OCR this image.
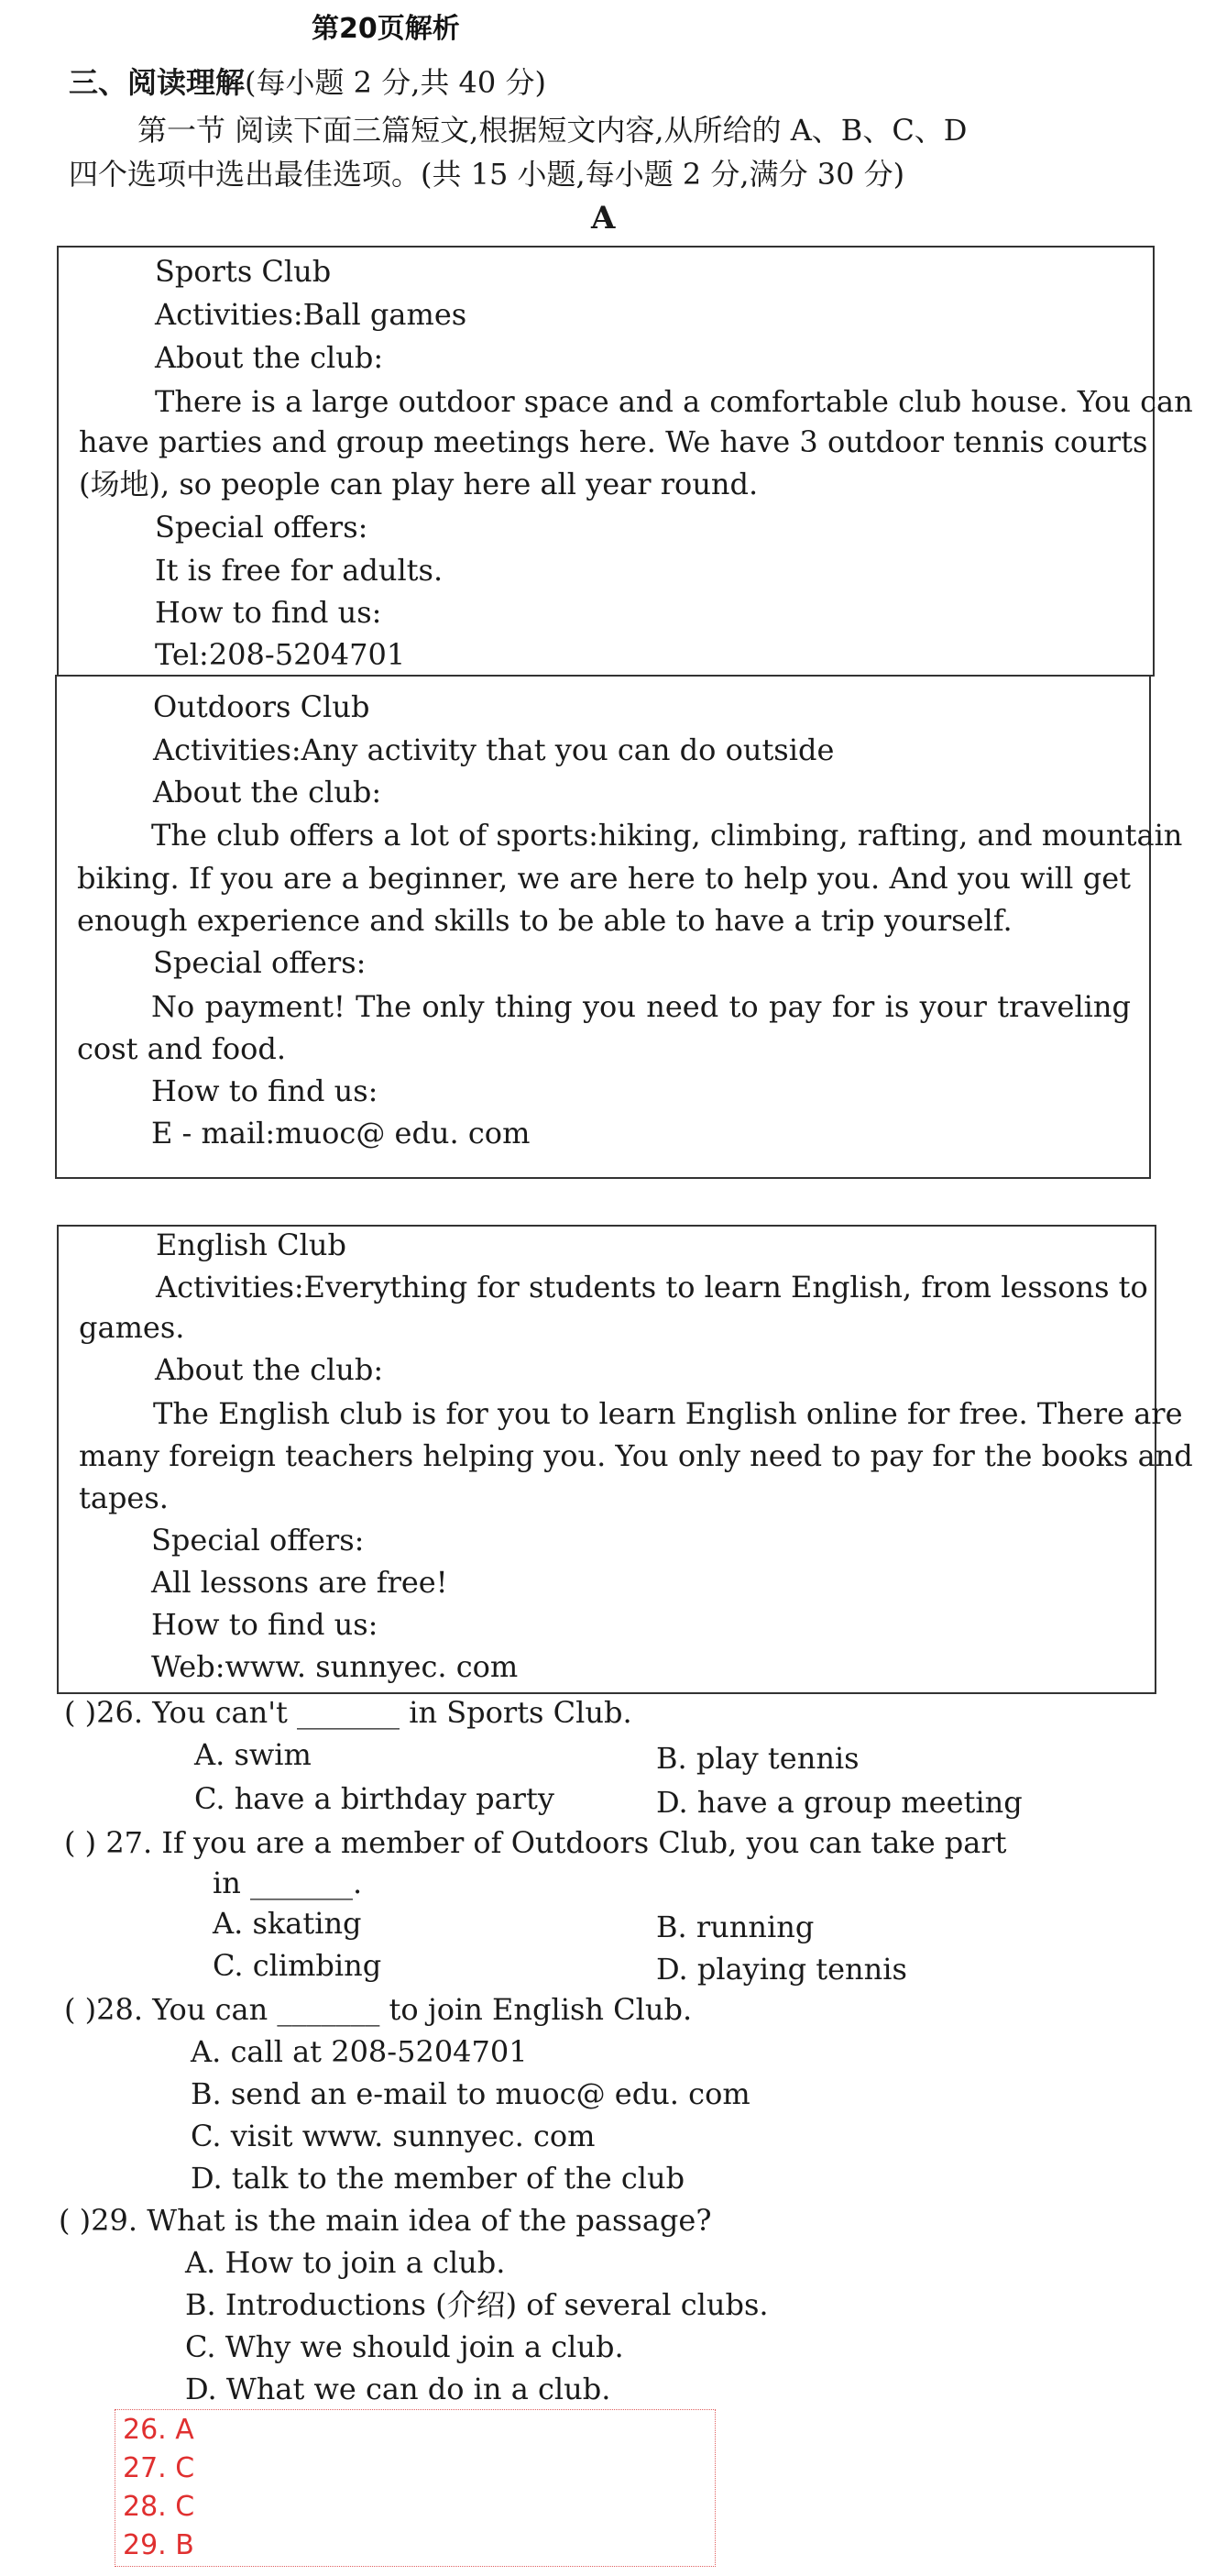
第20页解析
三、阅读理解(每小题 2 分,共 40 分)
第一节 阅读下面三篇短文,根据短文内容,从所给的 A、B、C、D
四个选项中选出最佳选项。(共 15 小题,每小题 2 分,满分 30 分)
A
Sports Club
Activities:Ball games
About the club:
There is a large outdoor space and a comfortable club house. You can
have parties and group meetings here. We have 3 outdoor tennis courts
(场地), so people can play here all year round.
Special offers:
It is free for adults.
How to find us:
Tel:208-5204701
Outdoors Club
Activities:Any activity that you can do outside
About the club:
The club offers a lot of sports:hiking, climbing, rafting, and mountain
biking. If you are a beginner, we are here to help you. And you will get
enough experience and skills to be able to have a trip yourself.
Special offers:
No payment! The only thing you need to pay for is your traveling
cost and food.
How to find us:
E - mail:muoc@ edu. com
English Club
Activities:Everything for students to learn English, from lessons to
games.
About the club:
The English club is for you to learn English online for free. There are
many foreign teachers helping you. You only need to pay for the books and
tapes.
Special offers:
All lessons are free!
How to find us:
Web:www. sunnyec. com
( )26. You can't _______ in Sports Club.
A. swim	B. play tennis
C. have a birthday party	D. have a group meeting
( ) 27. If you are a member of Outdoors Club, you can take part
in _______.
A. skating	B. running
C. climbing	D. playing tennis
( )28. You can _______ to join English Club.
A. call at 208-5204701
B. send an e-mail to muoc@ edu. com
C. visit www. sunnyec. com
D. talk to the member of the club
( )29. What is the main idea of the passage?
A. How to join a club.
B. Introductions (介绍) of several clubs.
C. Why we should join a club.
D. What we can do in a club.
26. A
27. C
28. C
29. B
